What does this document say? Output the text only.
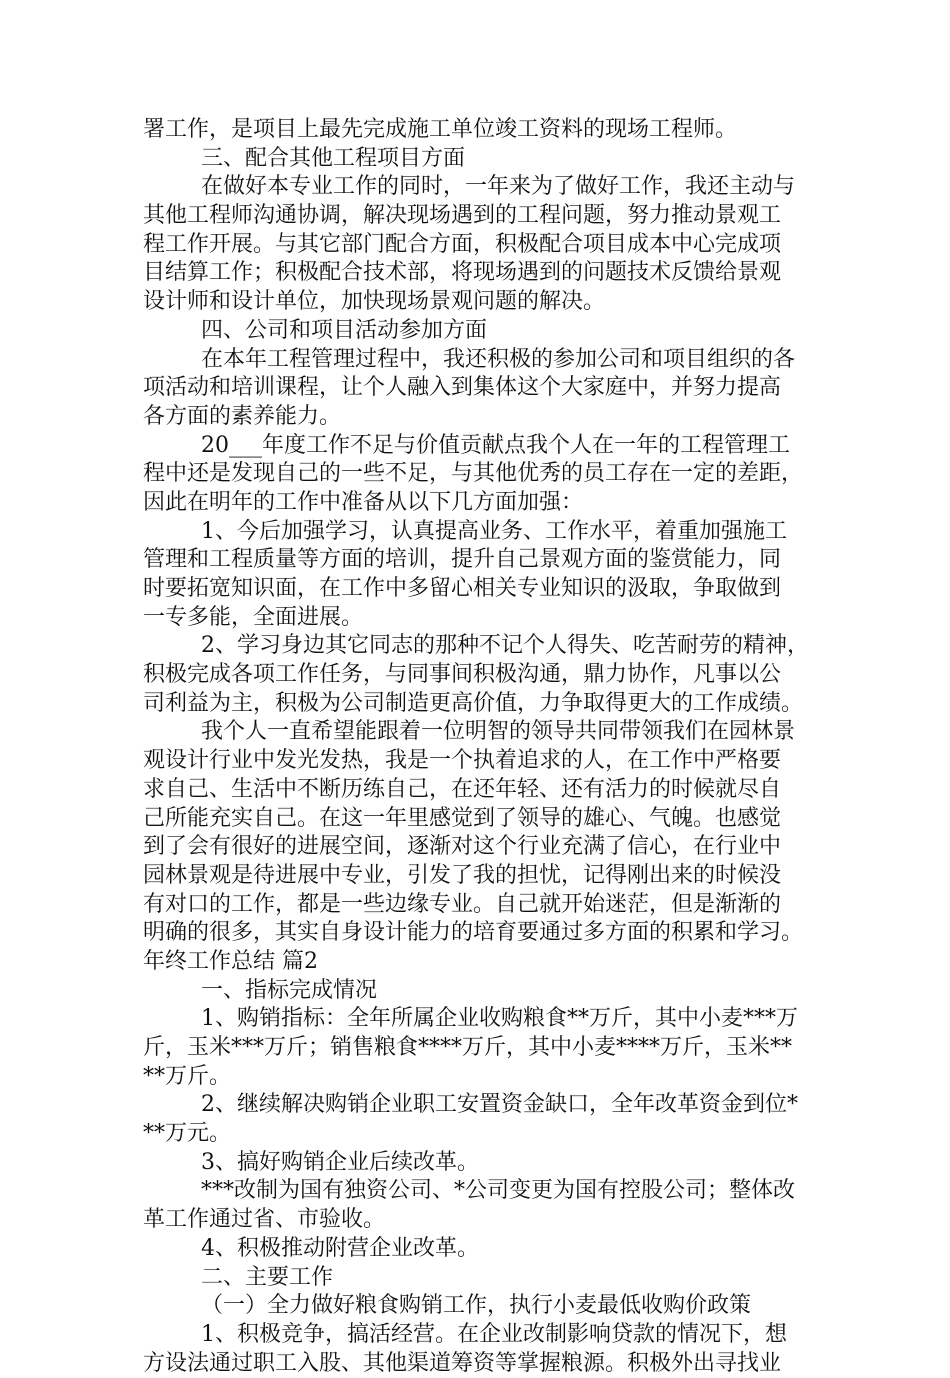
署工作，是项目上最先完成施工单位竣工资料的现场工程师。
三、配合其他工程项目方面
在做好本专业工作的同时，一年来为了做好工作，我还主动与
其他工程师沟通协调，解决现场遇到的工程问题，努力推动景观工
程工作开展。与其它部门配合方面，积极配合项目成本中心完成项
目结算工作；积极配合技术部，将现场遇到的问题技术反馈给景观
设计师和设计单位，加快现场景观问题的解决。
四、公司和项目活动参加方面
在本年工程管理过程中，我还积极的参加公司和项目组织的各
项活动和培训课程，让个人融入到集体这个大家庭中，并努力提高
各方面的素养能力。
20___年度工作不足与价值贡献点我个人在一年的工程管理工
程中还是发现自己的一些不足，与其他优秀的员工存在一定的差距，
因此在明年的工作中准备从以下几方面加强：
1、今后加强学习，认真提高业务、工作水平，着重加强施工
管理和工程质量等方面的培训，提升自己景观方面的鉴赏能力，同
时要拓宽知识面，在工作中多留心相关专业知识的汲取，争取做到
一专多能，全面进展。
2、学习身边其它同志的那种不记个人得失、吃苦耐劳的精神，
积极完成各项工作任务，与同事间积极沟通，鼎力协作，凡事以公
司利益为主，积极为公司制造更高价值，力争取得更大的工作成绩。
我个人一直希望能跟着一位明智的领导共同带领我们在园林景
观设计行业中发光发热，我是一个执着追求的人，在工作中严格要
求自己、生活中不断历练自己，在还年轻、还有活力的时候就尽自
己所能充实自己。在这一年里感觉到了领导的雄心、气魄。也感觉
到了会有很好的进展空间，逐渐对这个行业充满了信心，在行业中
园林景观是待进展中专业，引发了我的担忧，记得刚出来的时候没
有对口的工作，都是一些边缘专业。自己就开始迷茫，但是渐渐的
明确的很多，其实自身设计能力的培育要通过多方面的积累和学习。
年终工作总结 篇2
一、指标完成情况
1、购销指标：全年所属企业收购粮食**万斤，其中小麦***万
斤，玉米***万斤；销售粮食****万斤，其中小麦****万斤，玉米**
**万斤。
2、继续解决购销企业职工安置资金缺口，全年改革资金到位*
**万元。
3、搞好购销企业后续改革。
***改制为国有独资公司、*公司变更为国有控股公司；整体改
革工作通过省、市验收。
4、积极推动附营企业改革。
二、主要工作
（一）全力做好粮食购销工作，执行小麦最低收购价政策
1、积极竞争，搞活经营。在企业改制影响贷款的情况下，想
方设法通过职工入股、其他渠道筹资等掌握粮源。积极外出寻找业
